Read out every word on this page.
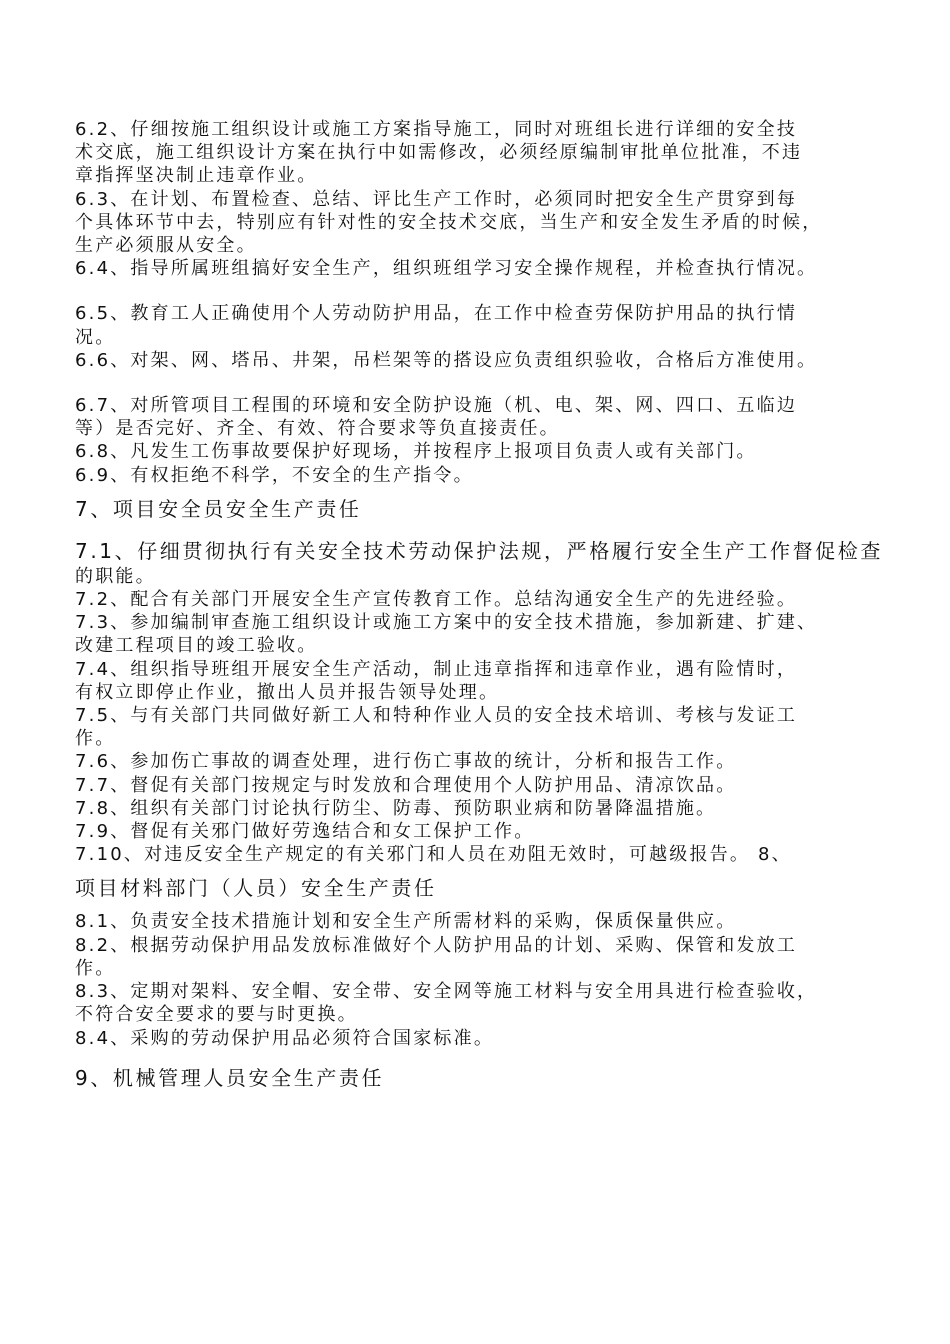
6.2、仔细按施工组织设计或施工方案指导施工，同时对班组长进行详细的安全技
术交底，施工组织设计方案在执行中如需修改，必须经原编制审批单位批准，不违
章指挥坚决制止违章作业。
6.3、在计划、布置检查、总结、评比生产工作时，必须同时把安全生产贯穿到每
个具体环节中去，特别应有针对性的安全技术交底，当生产和安全发生矛盾的时候，
生产必须服从安全。
6.4、指导所属班组搞好安全生产，组织班组学习安全操作规程，并检查执行情况。
6.5、教育工人正确使用个人劳动防护用品，在工作中检查劳保防护用品的执行情
况。
6.6、对架、网、塔吊、井架，吊栏架等的搭设应负责组织验收，合格后方准使用。
6.7、对所管项目工程围的环境和安全防护设施（机、电、架、网、四口、五临边
等）是否完好、齐全、有效、符合要求等负直接责任。
6.8、凡发生工伤事故要保护好现场，并按程序上报项目负责人或有关部门。
6.9、有权拒绝不科学，不安全的生产指令。
7、项目安全员安全生产责任
7.1、仔细贯彻执行有关安全技术劳动保护法规，严格履行安全生产工作督促检查
的职能。
7.2、配合有关部门开展安全生产宣传教育工作。总结沟通安全生产的先进经验。
7.3、参加编制审查施工组织设计或施工方案中的安全技术措施，参加新建、扩建、
改建工程项目的竣工验收。
7.4、组织指导班组开展安全生产活动，制止违章指挥和违章作业，遇有险情时，
有权立即停止作业，撤出人员并报告领导处理。
7.5、与有关部门共同做好新工人和特种作业人员的安全技术培训、考核与发证工
作。
7.6、参加伤亡事故的调查处理，进行伤亡事故的统计，分析和报告工作。
7.7、督促有关部门按规定与时发放和合理使用个人防护用品、清凉饮品。
7.8、组织有关部门讨论执行防尘、防毒、预防职业病和防暑降温措施。
7.9、督促有关邪门做好劳逸结合和女工保护工作。
7.10、对违反安全生产规定的有关邪门和人员在劝阻无效时，可越级报告。 8、
项目材料部门（人员）安全生产责任
8.1、负责安全技术措施计划和安全生产所需材料的采购，保质保量供应。
8.2、根据劳动保护用品发放标准做好个人防护用品的计划、采购、保管和发放工
作。
8.3、定期对架料、安全帽、安全带、安全网等施工材料与安全用具进行检查验收，
不符合安全要求的要与时更换。
8.4、采购的劳动保护用品必须符合国家标准。
9、机械管理人员安全生产责任
